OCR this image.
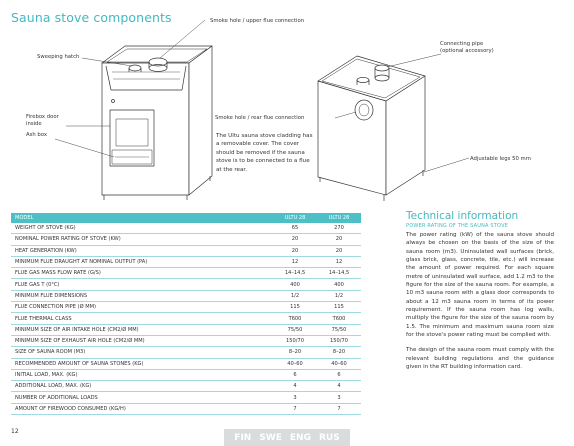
Sauna stove components	Smoke hole / upper flue connection
Sweeping hatch
Firebox door
inside
Ash box
Connecting pipe
(optional accessory)
Smoke hole / rear flue connection
Adjustable legs 50 mm
The Ultu sauna stove cladding has
a removable cover. The cover
should be removed if the sauna
stove is to be connected to a flue
at the rear.
MODEL	ULTU 28	ULTU 28
WEIGHT OF STOVE (KG)	65	270
NOMINAL POWER RATING OF STOVE (KW)	20	20
HEAT GENERATION (KW)	20	20
MINIMUM FLUE DRAUGHT AT NOMINAL OUTPUT (PA)	12	12
FLUE GAS MASS FLOW RATE (G/S)	14–14,5	14–14,5
FLUE GAS T (0°C)	400	400
MINIMUM FLUE DIMENSIONS	1/2	1/2
FLUE CONNECTION PIPE (Ø MM)	115	115
FLUE THERMAL CLASS	T600	T600
MINIMUM SIZE OF AIR INTAKE HOLE (CM2/Ø MM)	75/50	75/50
MINIMUM SIZE OF EXHAUST AIR HOLE (CM2/Ø MM)	150/70	150/70
SIZE OF SAUNA ROOM (M3)	8–20	8–20
RECOMMENDED AMOUNT OF SAUNA STONES (KG)	40–60	40–60
INITIAL LOAD, MAX. (KG)	6	6
ADDITIONAL LOAD, MAX. (KG)	4	4
NUMBER OF ADDITIONAL LOADS	3	3
AMOUNT OF FIREWOOD CONSUMED (KG/H)	7	7
Technical information
POWER RATING OF THE SAUNA STOVE

The power rating (kW) of the sauna stove should always be chosen on the basis of the size of the sauna room (m3). Uninsulated wall surfaces (brick, glass brick, glass, concrete, tile, etc.) will increase the amount of power required. For each square metre of uninsulated wall surface, add 1.2 m3 to the figure for the size of the sauna room. For example, a 10 m3 sauna room with a glass door corresponds to about a 12 m3 sauna room in terms of its power requirement. If the sauna room has log walls, multiply the figure for the size of the sauna room by 1.5. The minimum and maximum sauna room size for the stove's power rating must be complied with.

The design of the sauna room must comply with the relevant building regulations and the guidance given in the RT building information card.

12
FIN SWE ENG RUS
